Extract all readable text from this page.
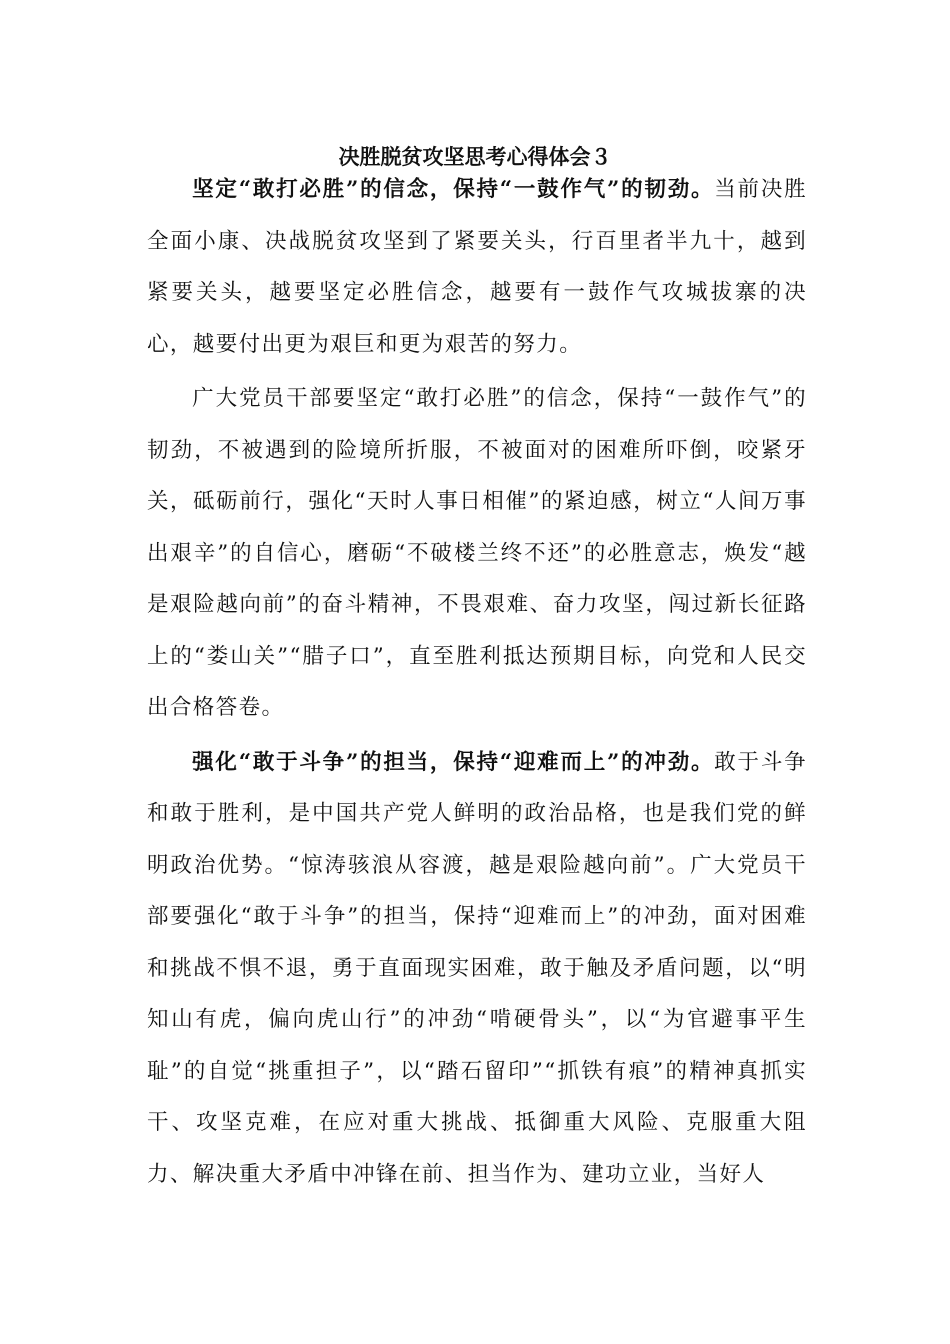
决胜脱贫攻坚思考心得体会３

坚定“敢打必胜”的信念，保持“一鼓作气”的韧劲。当前决胜全面小康、决战脱贫攻坚到了紧要关头，行百里者半九十，越到紧要关头，越要坚定必胜信念，越要有一鼓作气攻城拔寨的决心，越要付出更为艰巨和更为艰苦的努力。

广大党员干部要坚定“敢打必胜”的信念，保持“一鼓作气”的韧劲，不被遇到的险境所折服，不被面对的困难所吓倒，咬紧牙关，砥砺前行，强化“天时人事日相催”的紧迫感，树立“人间万事出艰辛”的自信心，磨砺“不破楼兰终不还”的必胜意志，焕发“越是艰险越向前”的奋斗精神，不畏艰难、奋力攻坚，闯过新长征路上的“娄山关”“腊子口”，直至胜利抵达预期目标，向党和人民交出合格答卷。

强化“敢于斗争”的担当，保持“迎难而上”的冲劲。敢于斗争和敢于胜利，是中国共产党人鲜明的政治品格，也是我们党的鲜明政治优势。“惊涛骇浪从容渡，越是艰险越向前”。广大党员干部要强化“敢于斗争”的担当，保持“迎难而上”的冲劲，面对困难和挑战不惧不退，勇于直面现实困难，敢于触及矛盾问题，以“明知山有虎，偏向虎山行”的冲劲“啃硬骨头”，以“为官避事平生耻”的自觉“挑重担子”，以“踏石留印”“抓铁有痕”的精神真抓实干、攻坚克难，在应对重大挑战、抵御重大风险、克服重大阻力、解决重大矛盾中冲锋在前、担当作为、建功立业，当好人
